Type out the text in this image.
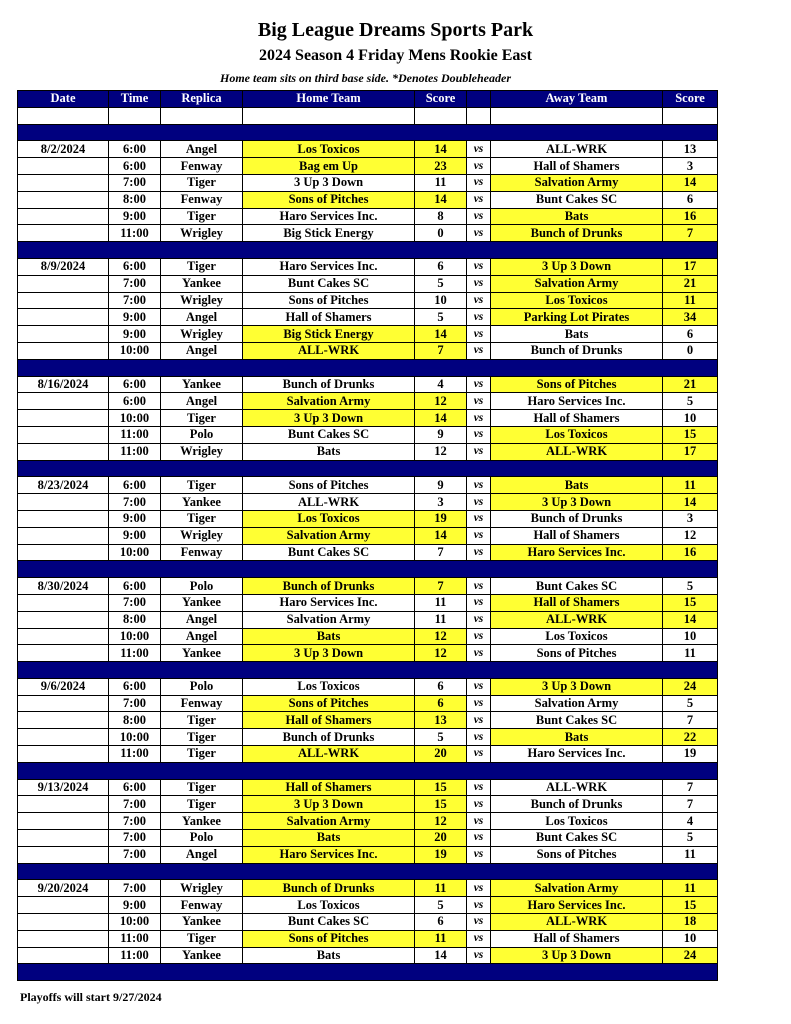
Big League Dreams Sports Park
2024 Season 4 Friday Mens Rookie East
Home team sits on third base side. *Denotes Doubleheader
Date	Time	Replica	Home Team	Score		Away Team	Score

8/2/2024	6:00	Angel	Los Toxicos	14	vs	ALL-WRK	13
	6:00	Fenway	Bag em Up	23	vs	Hall of Shamers	3
	7:00	Tiger	3 Up 3 Down	11	vs	Salvation Army	14
	8:00	Fenway	Sons of Pitches	14	vs	Bunt Cakes SC	6
	9:00	Tiger	Haro Services Inc.	8	vs	Bats	16
	11:00	Wrigley	Big Stick Energy	0	vs	Bunch of Drunks	7

8/9/2024	6:00	Tiger	Haro Services Inc.	6	vs	3 Up 3 Down	17
	7:00	Yankee	Bunt Cakes SC	5	vs	Salvation Army	21
	7:00	Wrigley	Sons of Pitches	10	vs	Los Toxicos	11
	9:00	Angel	Hall of Shamers	5	vs	Parking Lot Pirates	34
	9:00	Wrigley	Big Stick Energy	14	vs	Bats	6
	10:00	Angel	ALL-WRK	7	vs	Bunch of Drunks	0

8/16/2024	6:00	Yankee	Bunch of Drunks	4	vs	Sons of Pitches	21
	6:00	Angel	Salvation Army	12	vs	Haro Services Inc.	5
	10:00	Tiger	3 Up 3 Down	14	vs	Hall of Shamers	10
	11:00	Polo	Bunt Cakes SC	9	vs	Los Toxicos	15
	11:00	Wrigley	Bats	12	vs	ALL-WRK	17

8/23/2024	6:00	Tiger	Sons of Pitches	9	vs	Bats	11
	7:00	Yankee	ALL-WRK	3	vs	3 Up 3 Down	14
	9:00	Tiger	Los Toxicos	19	vs	Bunch of Drunks	3
	9:00	Wrigley	Salvation Army	14	vs	Hall of Shamers	12
	10:00	Fenway	Bunt Cakes SC	7	vs	Haro Services Inc.	16

8/30/2024	6:00	Polo	Bunch of Drunks	7	vs	Bunt Cakes SC	5
	7:00	Yankee	Haro Services Inc.	11	vs	Hall of Shamers	15
	8:00	Angel	Salvation Army	11	vs	ALL-WRK	14
	10:00	Angel	Bats	12	vs	Los Toxicos	10
	11:00	Yankee	3 Up 3 Down	12	vs	Sons of Pitches	11

9/6/2024	6:00	Polo	Los Toxicos	6	vs	3 Up 3 Down	24
	7:00	Fenway	Sons of Pitches	6	vs	Salvation Army	5
	8:00	Tiger	Hall of Shamers	13	vs	Bunt Cakes SC	7
	10:00	Tiger	Bunch of Drunks	5	vs	Bats	22
	11:00	Tiger	ALL-WRK	20	vs	Haro Services Inc.	19

9/13/2024	6:00	Tiger	Hall of Shamers	15	vs	ALL-WRK	7
	7:00	Tiger	3 Up 3 Down	15	vs	Bunch of Drunks	7
	7:00	Yankee	Salvation Army	12	vs	Los Toxicos	4
	7:00	Polo	Bats	20	vs	Bunt Cakes SC	5
	7:00	Angel	Haro Services Inc.	19	vs	Sons of Pitches	11

9/20/2024	7:00	Wrigley	Bunch of Drunks	11	vs	Salvation Army	11
	9:00	Fenway	Los Toxicos	5	vs	Haro Services Inc.	15
	10:00	Yankee	Bunt Cakes SC	6	vs	ALL-WRK	18
	11:00	Tiger	Sons of Pitches	11	vs	Hall of Shamers	10
	11:00	Yankee	Bats	14	vs	3 Up 3 Down	24

Playoffs will start 9/27/2024
